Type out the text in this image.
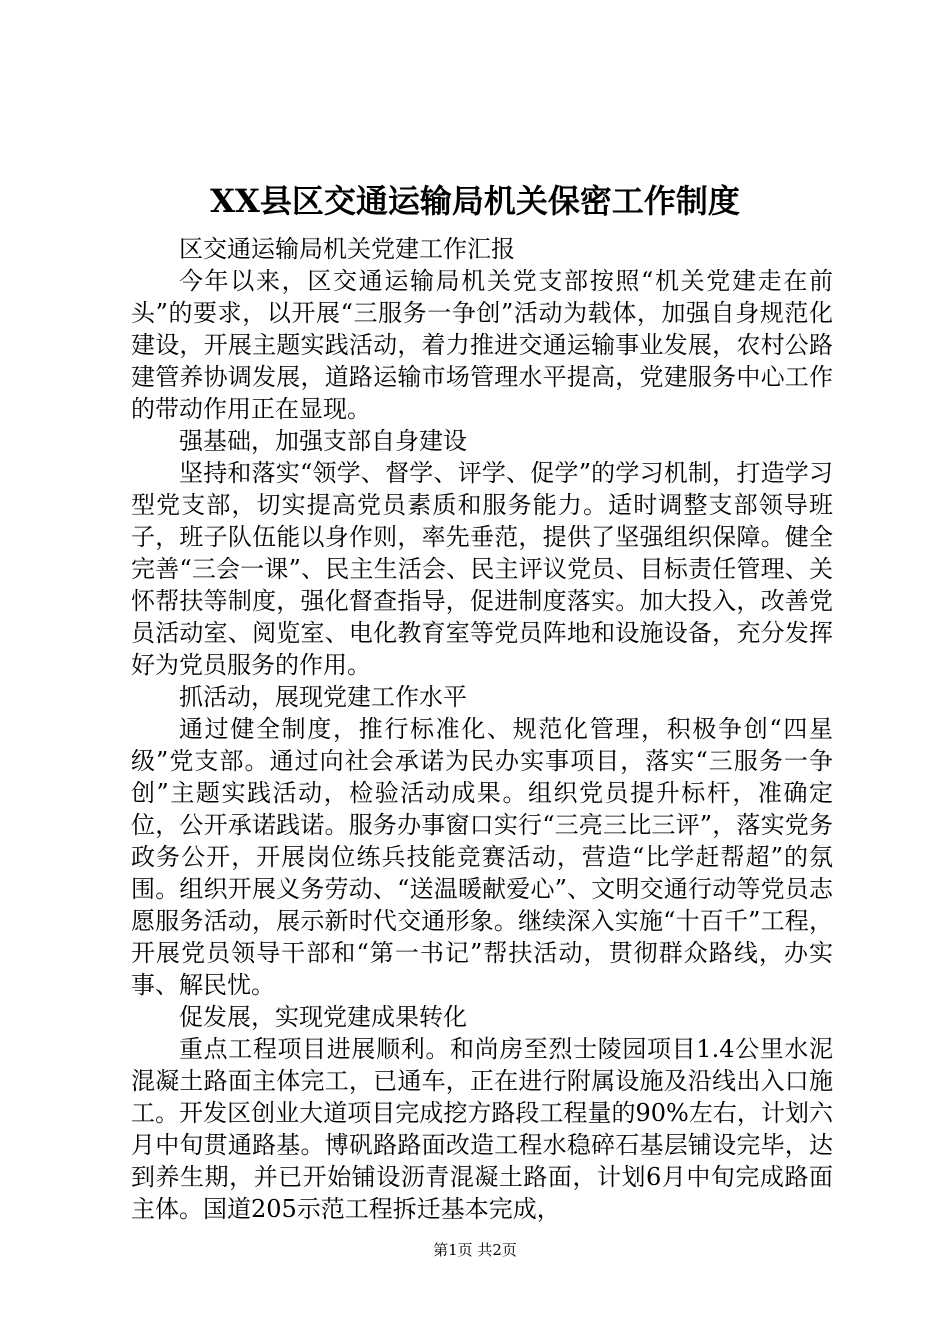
XX县区交通运输局机关保密工作制度

区交通运输局机关党建工作汇报

今年以来，区交通运输局机关党支部按照“机关党建走在前头”的要求，以开展“三服务一争创”活动为载体，加强自身规范化建设，开展主题实践活动，着力推进交通运输事业发展，农村公路建管养协调发展，道路运输市场管理水平提高，党建服务中心工作的带动作用正在显现。

强基础，加强支部自身建设

坚持和落实“领学、督学、评学、促学”的学习机制，打造学习型党支部，切实提高党员素质和服务能力。适时调整支部领导班子，班子队伍能以身作则，率先垂范，提供了坚强组织保障。健全完善“三会一课”、民主生活会、民主评议党员、目标责任管理、关怀帮扶等制度，强化督查指导，促进制度落实。加大投入，改善党员活动室、阅览室、电化教育室等党员阵地和设施设备，充分发挥好为党员服务的作用。

抓活动，展现党建工作水平

通过健全制度，推行标准化、规范化管理，积极争创“四星级”党支部。通过向社会承诺为民办实事项目，落实“三服务一争创”主题实践活动，检验活动成果。组织党员提升标杆，准确定位，公开承诺践诺。服务办事窗口实行“三亮三比三评”，落实党务政务公开，开展岗位练兵技能竞赛活动，营造“比学赶帮超”的氛围。组织开展义务劳动、“送温暖献爱心”、文明交通行动等党员志愿服务活动，展示新时代交通形象。继续深入实施“十百千”工程，开展党员领导干部和“第一书记”帮扶活动，贯彻群众路线，办实事、解民忧。

促发展，实现党建成果转化

重点工程项目进展顺利。和尚房至烈士陵园项目1.4公里水泥混凝土路面主体完工，已通车，正在进行附属设施及沿线出入口施工。开发区创业大道项目完成挖方路段工程量的90%左右，计划六月中旬贯通路基。博矾路路面改造工程水稳碎石基层铺设完毕，达到养生期，并已开始铺设沥青混凝土路面，计划6月中旬完成路面主体。国道205示范工程拆迁基本完成，

第1页 共2页
